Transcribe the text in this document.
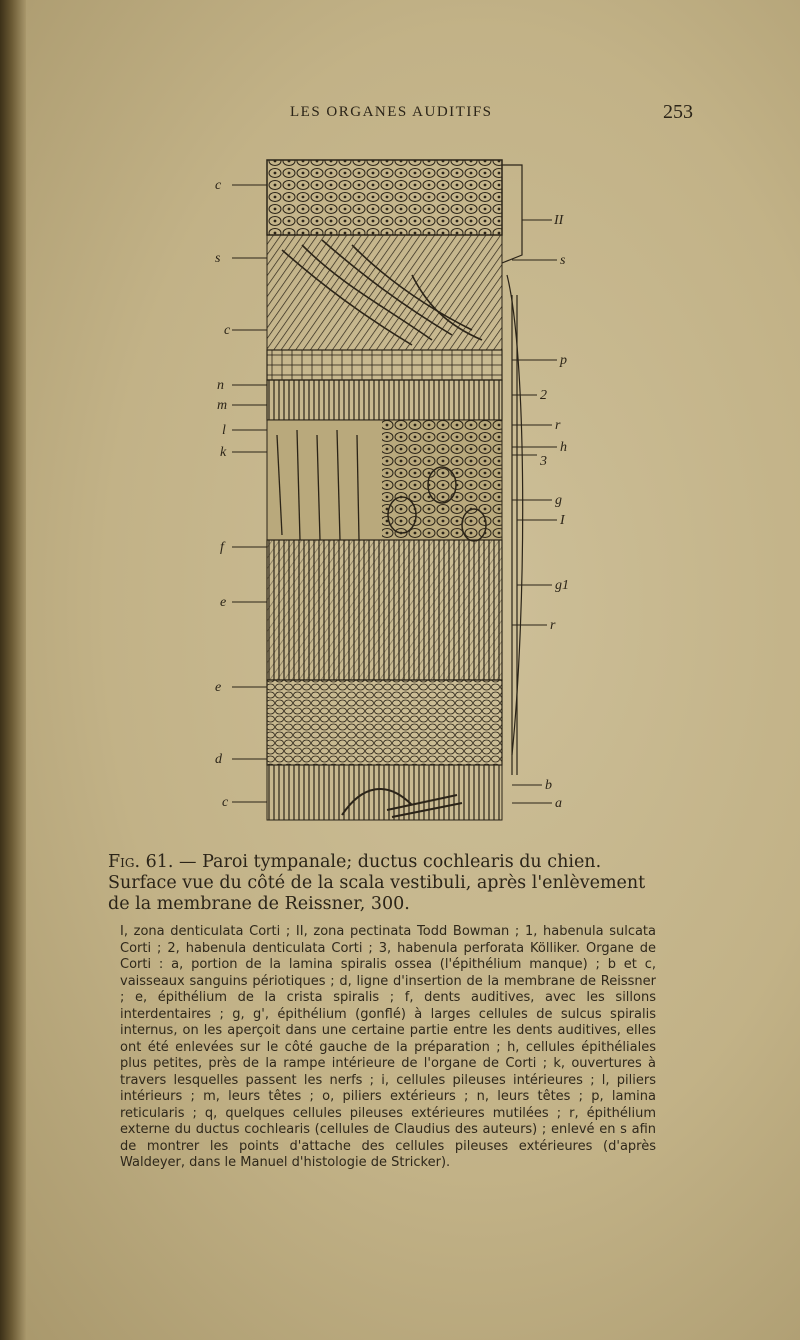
LES ORGANES AUDITIFS	253
c
s
c
n
m
l
k
f
e
e
d
c
II
s
p
2
r
h
3
g
I
g1
r
b
a
Fig. 61. — Paroi tympanale; ductus cochlearis du chien. Surface vue du côté de la scala vestibuli, après l'enlèvement de la membrane de Reissner, 300.
I, zona denticulata Corti ; II, zona pectinata Todd Bowman ; 1, habenula sulcata Corti ; 2, habenula denticulata Corti ; 3, habenula perforata Kölliker. Organe de Corti : a, portion de la lamina spiralis ossea (l'épithélium manque) ; b et c, vaisseaux sanguins périotiques ; d, ligne d'insertion de la membrane de Reissner ; e, épithélium de la crista spiralis ; f, dents auditives, avec les sillons interdentaires ; g, g', épithélium (gonflé) à larges cellules de sulcus spiralis internus, on les aperçoit dans une certaine partie entre les dents auditives, elles ont été enlevées sur le côté gauche de la préparation ; h, cellules épithéliales plus petites, près de la rampe intérieure de l'organe de Corti ; k, ouvertures à travers lesquelles passent les nerfs ; i, cellules pileuses intérieures ; l, piliers intérieurs ; m, leurs têtes ; o, piliers extérieurs ; n, leurs têtes ; p, lamina reticularis ; q, quelques cellules pileuses extérieures mutilées ; r, épithélium externe du ductus cochlearis (cellules de Claudius des auteurs) ; enlevé en s afin de montrer les points d'attache des cellules pileuses extérieures (d'après Waldeyer, dans le Manuel d'histologie de Stricker).
